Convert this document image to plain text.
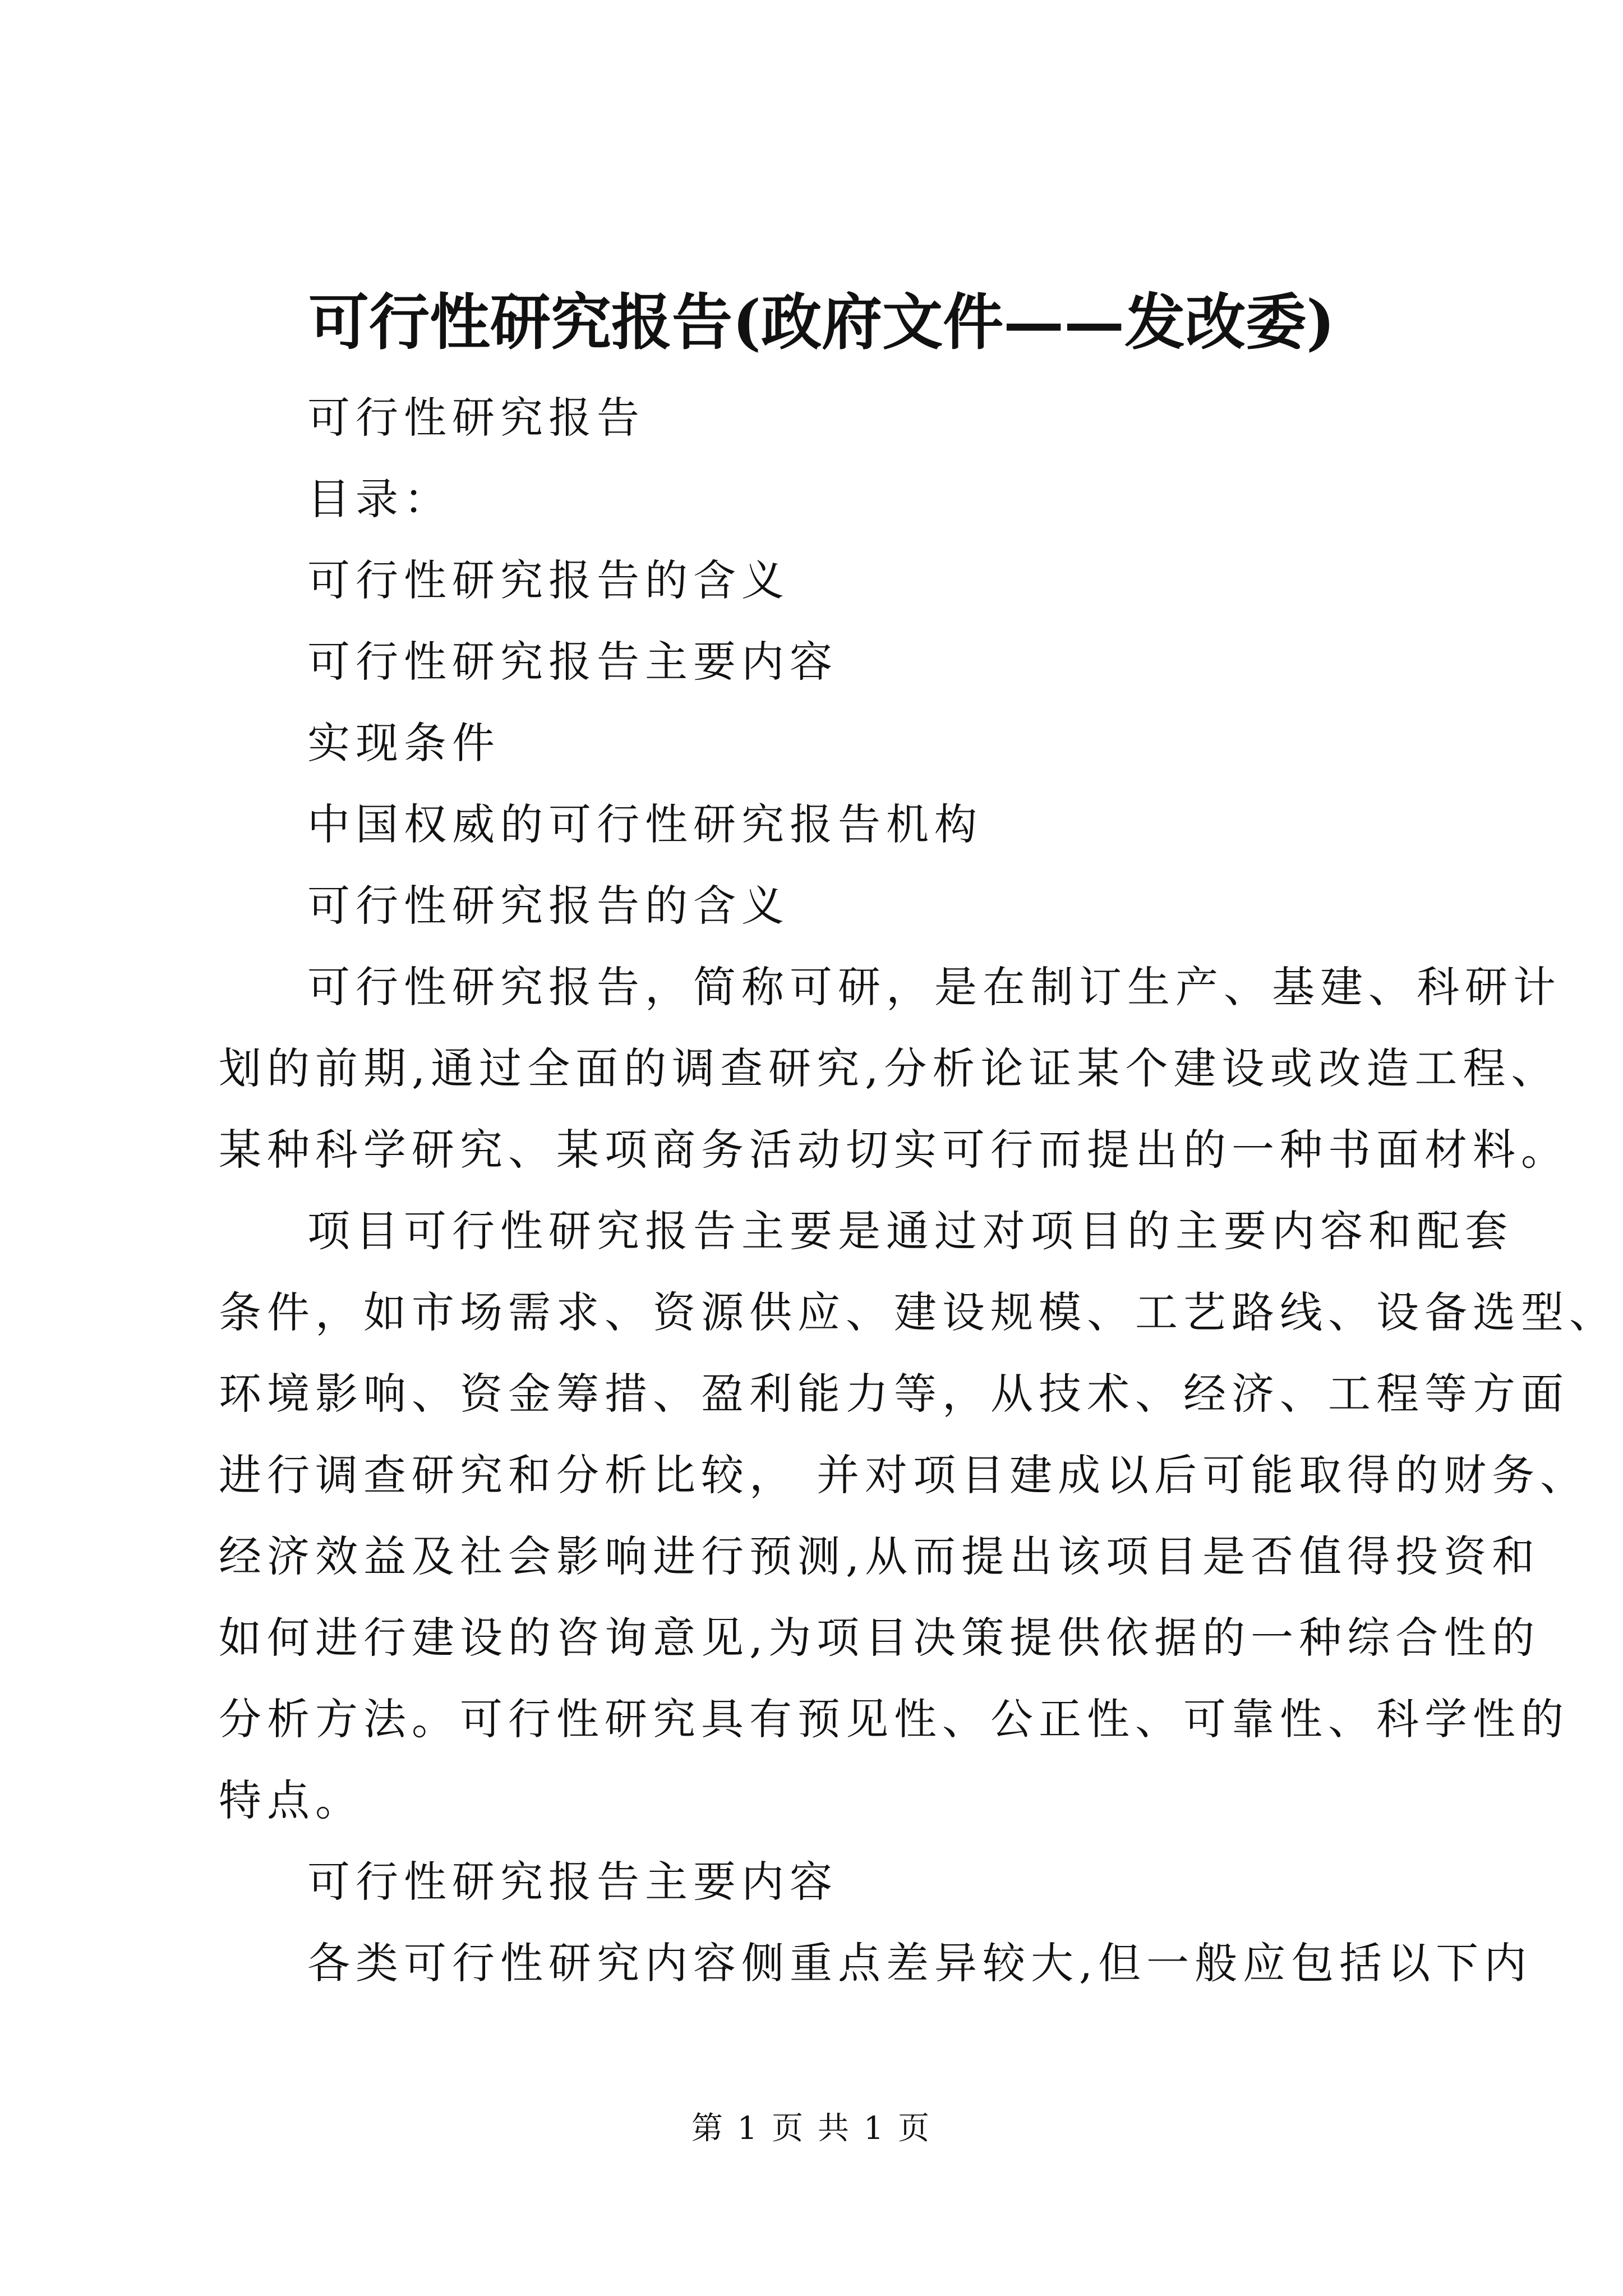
可行性研究报告(政府文件——发改委)
可行性研究报告
目录：
可行性研究报告的含义
可行性研究报告主要内容
实现条件
中国权威的可行性研究报告机构
可行性研究报告的含义
可行性研究报告，简称可研，是在制订生产、基建、科研计
划的前期,通过全面的调查研究,分析论证某个建设或改造工程、
某种科学研究、某项商务活动切实可行而提出的一种书面材料。
项目可行性研究报告主要是通过对项目的主要内容和配套
条件，如市场需求、资源供应、建设规模、工艺路线、设备选型、
环境影响、资金筹措、盈利能力等，从技术、经济、工程等方面
进行调查研究和分析比较， 并对项目建成以后可能取得的财务、
经济效益及社会影响进行预测,从而提出该项目是否值得投资和
如何进行建设的咨询意见,为项目决策提供依据的一种综合性的
分析方法。可行性研究具有预见性、公正性、可靠性、科学性的
特点。
可行性研究报告主要内容
各类可行性研究内容侧重点差异较大,但一般应包括以下内
第 1 页 共 1 页
